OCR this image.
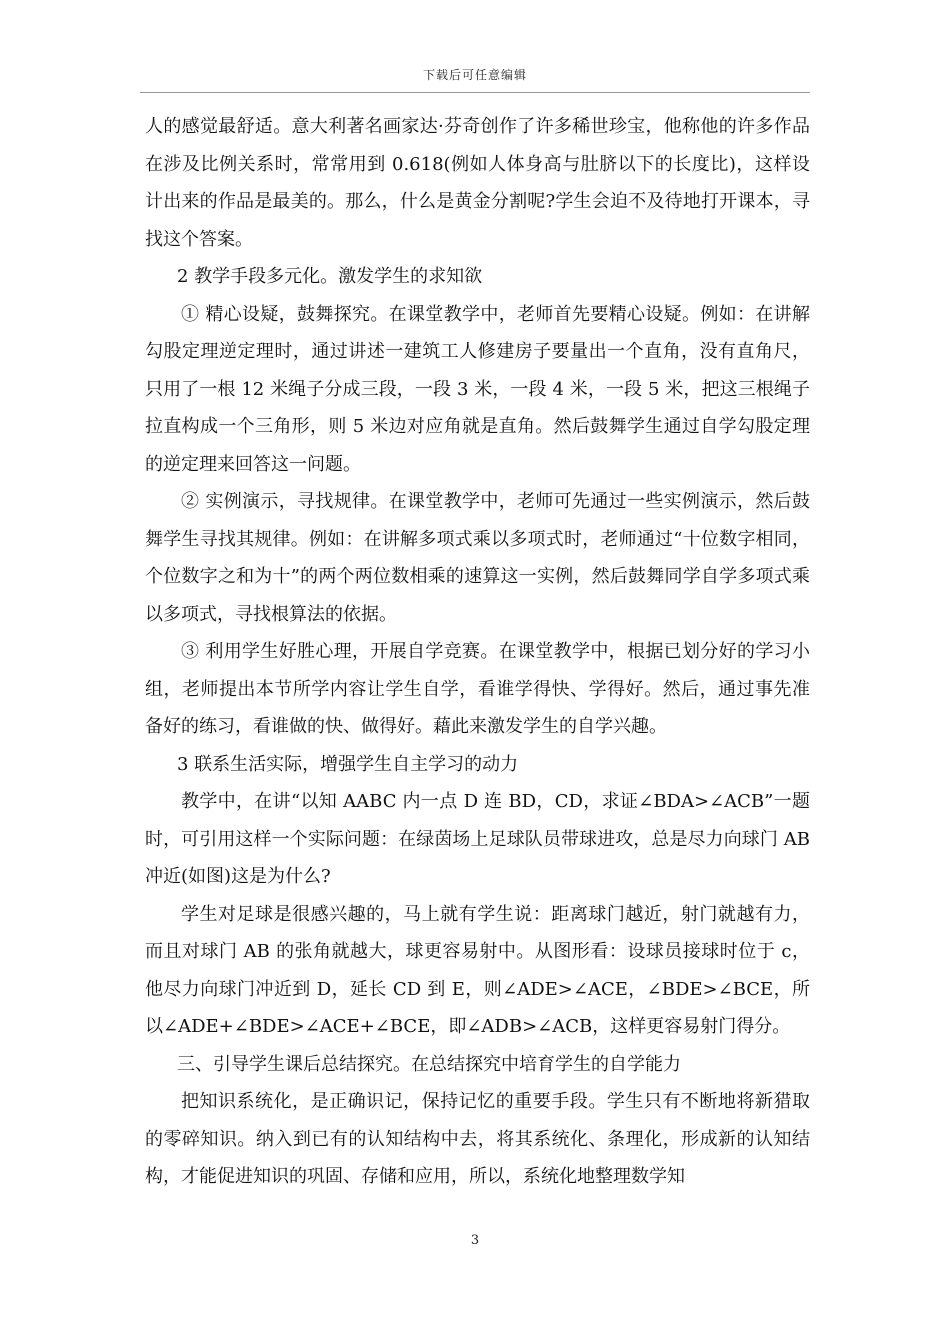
下载后可任意编辑

人的感觉最舒适。意大利著名画家达·芬奇创作了许多稀世珍宝，他称他的许多作品在涉及比例关系时，常常用到 0.618(例如人体身高与肚脐以下的长度比)，这样设计出来的作品是最美的。那么，什么是黄金分割呢?学生会迫不及待地打开课本，寻找这个答案。

2 教学手段多元化。激发学生的求知欲

① 精心设疑，鼓舞探究。在课堂教学中，老师首先要精心设疑。例如：在讲解勾股定理逆定理时，通过讲述一建筑工人修建房子要量出一个直角，没有直角尺，只用了一根 12 米绳子分成三段，一段 3 米，一段 4 米，一段 5 米，把这三根绳子拉直构成一个三角形，则 5 米边对应角就是直角。然后鼓舞学生通过自学勾股定理的逆定理来回答这一问题。

② 实例演示，寻找规律。在课堂教学中，老师可先通过一些实例演示，然后鼓舞学生寻找其规律。例如：在讲解多项式乘以多项式时，老师通过“十位数字相同，个位数字之和为十”的两个两位数相乘的速算这一实例，然后鼓舞同学自学多项式乘以多项式，寻找根算法的依据。

③ 利用学生好胜心理，开展自学竞赛。在课堂教学中，根据已划分好的学习小组，老师提出本节所学内容让学生自学，看谁学得快、学得好。然后，通过事先准备好的练习，看谁做的快、做得好。藉此来激发学生的自学兴趣。

3 联系生活实际，增强学生自主学习的动力

教学中，在讲“以知 AABC 内一点 D 连 BD，CD，求证∠BDA>∠ACB”一题时，可引用这样一个实际问题：在绿茵场上足球队员带球进攻，总是尽力向球门 AB 冲近(如图)这是为什么?

学生对足球是很感兴趣的，马上就有学生说：距离球门越近，射门就越有力，而且对球门 AB 的张角就越大，球更容易射中。从图形看：设球员接球时位于 c，他尽力向球门冲近到 D，延长 CD 到 E，则∠ADE>∠ACE，∠BDE>∠BCE，所以∠ADE+∠BDE>∠ACE+∠BCE，即∠ADB>∠ACB，这样更容易射门得分。

三、引导学生课后总结探究。在总结探究中培育学生的自学能力

把知识系统化，是正确识记，保持记忆的重要手段。学生只有不断地将新猎取的零碎知识。纳入到已有的认知结构中去，将其系统化、条理化，形成新的认知结构，才能促进知识的巩固、存储和应用，所以，系统化地整理数学知

3
